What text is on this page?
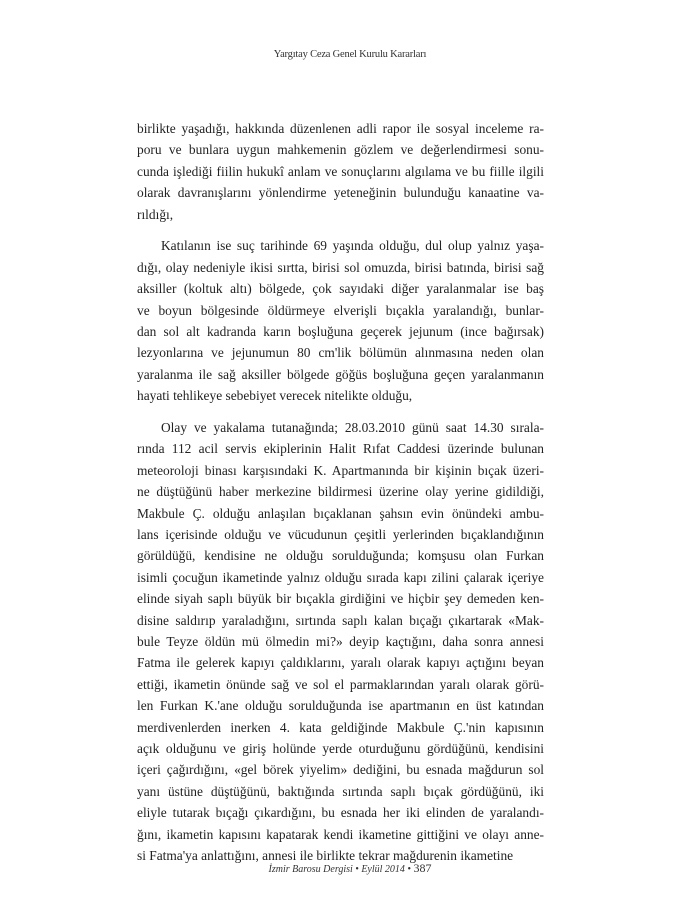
Yargıtay Ceza Genel Kurulu Kararları
birlikte yaşadığı, hakkında düzenlenen adli rapor ile sosyal inceleme ra-
poru ve bunlara uygun mahkemenin gözlem ve değerlendirmesi sonu-
cunda işlediği fiilin hukukî anlam ve sonuçlarını algılama ve bu fiille ilgili
olarak davranışlarını yönlendirme yeteneğinin bulunduğu kanaatine va-
rıldığı,
Katılanın ise suç tarihinde 69 yaşında olduğu, dul olup yalnız yaşa-
dığı, olay nedeniyle ikisi sırtta, birisi sol omuzda, birisi batında, birisi sağ
aksiller (koltuk altı) bölgede, çok sayıdaki diğer yaralanmalar ise baş
ve boyun bölgesinde öldürmeye elverişli bıçakla yaralandığı, bunlar-
dan sol alt kadranda karın boşluğuna geçerek jejunum (ince bağırsak)
lezyonlarına ve jejunumun 80 cm'lik bölümün alınmasına neden olan
yaralanma ile sağ aksiller bölgede göğüs boşluğuna geçen yaralanmanın
hayati tehlikeye sebebiyet verecek nitelikte olduğu,
Olay ve yakalama tutanağında; 28.03.2010 günü saat 14.30 sırala-
rında 112 acil servis ekiplerinin Halit Rıfat Caddesi üzerinde bulunan
meteoroloji binası karşısındaki K. Apartmanında bir kişinin bıçak üzeri-
ne düştüğünü haber merkezine bildirmesi üzerine olay yerine gidildiği,
Makbule Ç. olduğu anlaşılan bıçaklanan şahsın evin önündeki ambu-
lans içerisinde olduğu ve vücudunun çeşitli yerlerinden bıçaklandığının
görüldüğü, kendisine ne olduğu sorulduğunda; komşusu olan Furkan
isimli çocuğun ikametinde yalnız olduğu sırada kapı zilini çalarak içeriye
elinde siyah saplı büyük bir bıçakla girdiğini ve hiçbir şey demeden ken-
disine saldırıp yaraladığını, sırtında saplı kalan bıçağı çıkartarak «Mak-
bule Teyze öldün mü ölmedin mi?» deyip kaçtığını, daha sonra annesi
Fatma ile gelerek kapıyı çaldıklarını, yaralı olarak kapıyı açtığını beyan
ettiği, ikametin önünde sağ ve sol el parmaklarından yaralı olarak görü-
len Furkan K.'ane olduğu sorulduğunda ise apartmanın en üst katından
merdivenlerden inerken 4. kata geldiğinde Makbule Ç.'nin kapısının
açık olduğunu ve giriş holünde yerde oturduğunu gördüğünü, kendisini
içeri çağırdığını, «gel börek yiyelim» dediğini, bu esnada mağdurun sol
yanı üstüne düştüğünü, baktığında sırtında saplı bıçak gördüğünü, iki
eliyle tutarak bıçağı çıkardığını, bu esnada her iki elinden de yaralandı-
ğını, ikametin kapısını kapatarak kendi ikametine gittiğini ve olayı anne-
si Fatma'ya anlattığını, annesi ile birlikte tekrar mağdurenin ikametine
İzmir Barosu Dergisi • Eylül 2014 • 387
